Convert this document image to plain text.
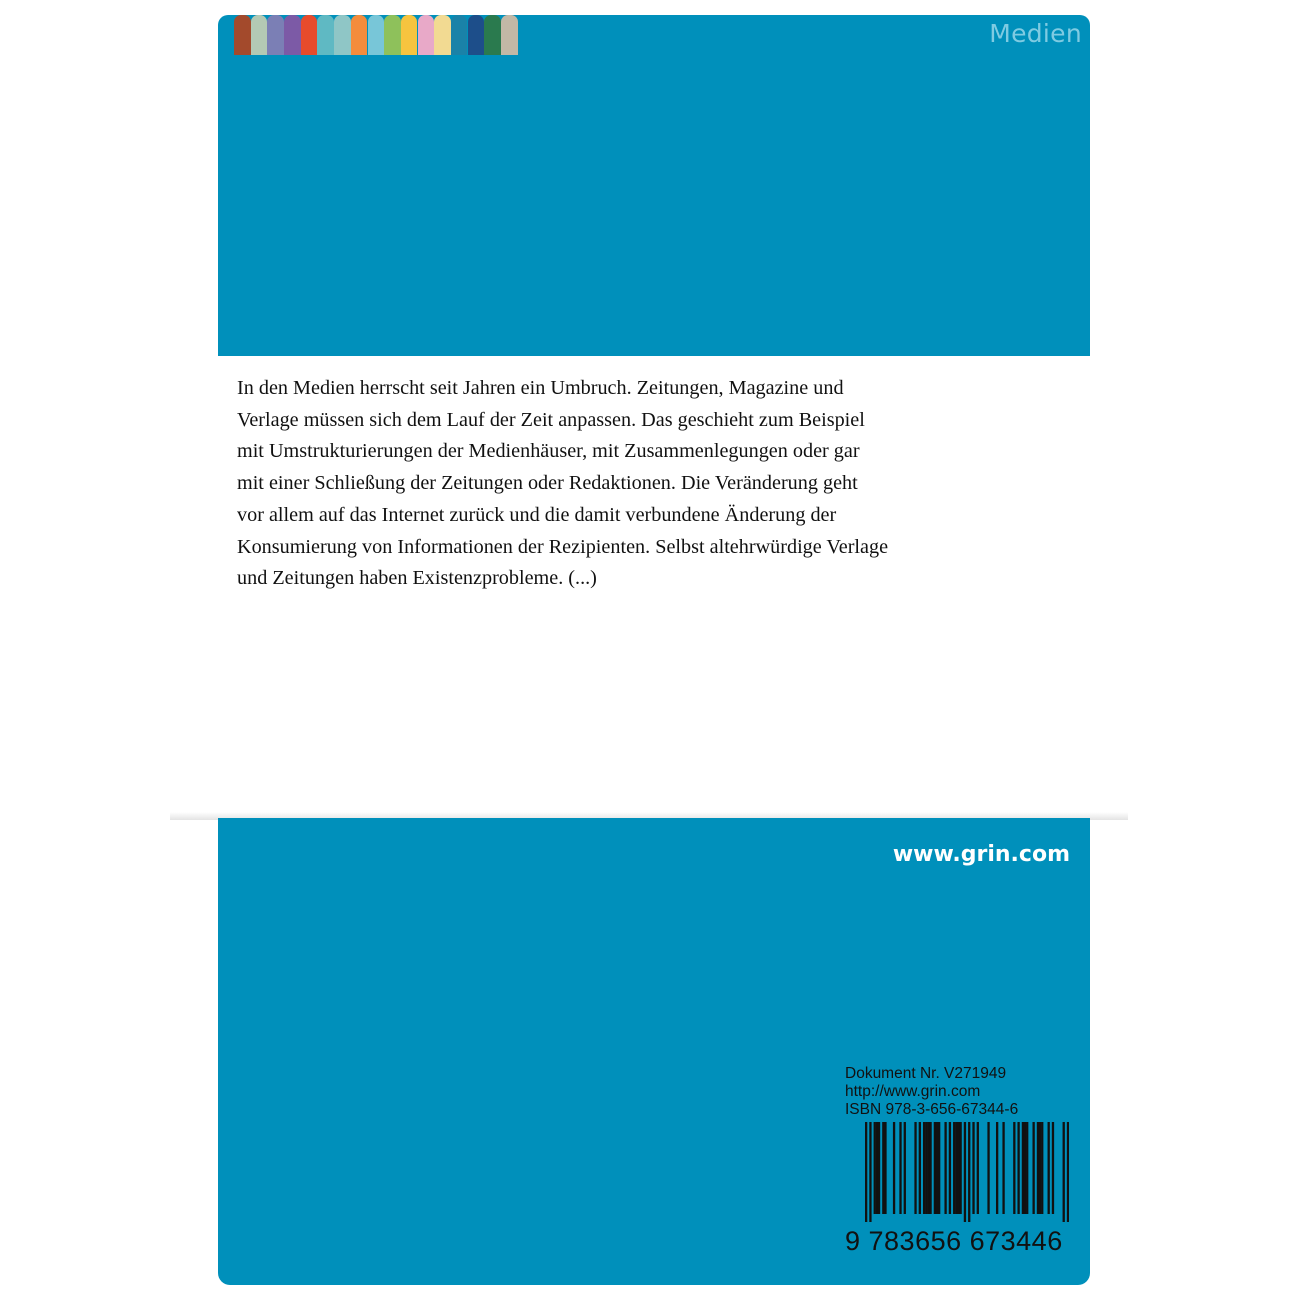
Medien

In den Medien herrscht seit Jahren ein Umbruch. Zeitungen, Magazine und

Verlage müssen sich dem Lauf der Zeit anpassen. Das geschieht zum Beispiel

mit Umstrukturierungen der Medienhäuser, mit Zusammenlegungen oder gar

mit einer Schließung der Zeitungen oder Redaktionen. Die Veränderung geht

vor allem auf das Internet zurück und die damit verbundene Änderung der

Konsumierung von Informationen der Rezipienten. Selbst altehrwürdige Verlage

und Zeitungen haben Existenzprobleme. (...)

www.grin.com
Dokument Nr. V271949
http://www.grin.com
ISBN 978-3-656-67344-6
9 783656 673446
